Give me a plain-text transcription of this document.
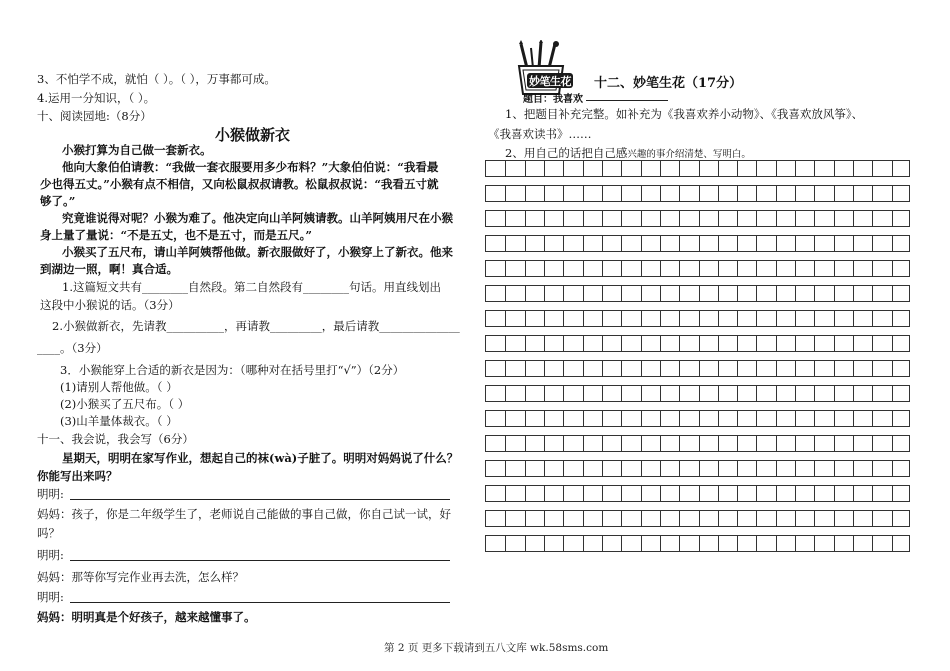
3、不怕学不成，就怕（ ）。（ ），万事都可成。
4.运用一分知识，（ ）。
十、阅读园地:（8分）
小猴做新衣
小猴打算为自己做一套新衣。
他向大象伯伯请教：“我做一套衣服要用多少布料？”大象伯伯说：“我看最
少也得五丈。”小猴有点不相信，又向松鼠叔叔请教。松鼠叔叔说：“我看五寸就
够了。”
究竟谁说得对呢？小猴为难了。他决定向山羊阿姨请教。山羊阿姨用尺在小猴
身上量了量说：“不是五丈，也不是五寸，而是五尺。”
小猴买了五尺布，请山羊阿姨帮他做。新衣服做好了，小猴穿上了新衣。他来
到湖边一照，啊！真合适。
1.这篇短文共有________自然段。第二自然段有________句话。用直线划出
这段中小猴说的话。（3分）
2.小猴做新衣，先请教__________，再请教_________，最后请教______________
____。（3分）
3．小猴能穿上合适的新衣是因为：（哪种对在括号里打“√”）（2分）
(1)请别人帮他做。（ ）
(2)小猴买了五尺布。（ ）
(3)山羊量体裁衣。（ ）
十一、我会说，我会写（6分）
星期天，明明在家写作业，想起自己的袜(wà)子脏了。明明对妈妈说了什么？
你能写出来吗？
明明:
妈妈：孩子，你是二年级学生了，老师说自己能做的事自己做，你自己试一试，好
吗？
明明:
妈妈：那等你写完作业再去洗，怎么样？
明明:
妈妈：明明真是个好孩子，越来越懂事了。
妙笔生花 十二、妙笔生花（17分）
题目：我喜欢
1、把题目补充完整。如补充为《我喜欢养小动物》、《我喜欢放风筝》、
《我喜欢读书》……
2、用自己的话把自己感兴趣的事介绍清楚、写明白。
第 2 页 更多下载请到五八文库 wk.58sms.com
